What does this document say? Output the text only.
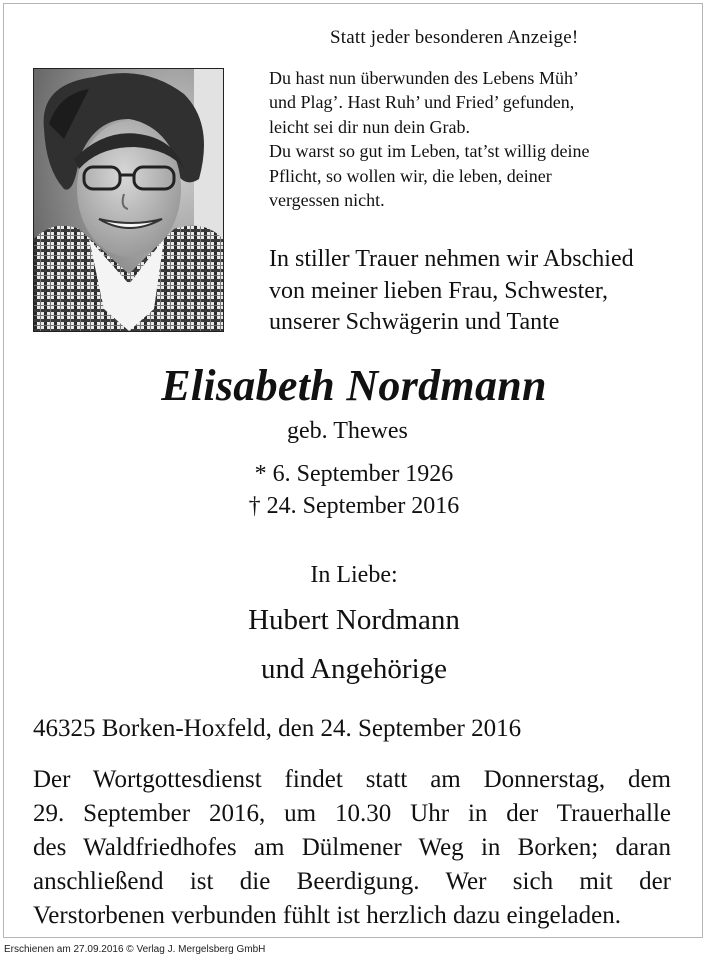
Statt jeder besonderen Anzeige!

Du hast nun überwunden des Lebens Müh’
und Plag’. Hast Ruh’ und Fried’ gefunden,
leicht sei dir nun dein Grab.
Du warst so gut im Leben, tat’st willig deine
Pflicht, so wollen wir, die leben, deiner
vergessen nicht.
In stiller Trauer nehmen wir Abschied
von meiner lieben Frau, Schwester,
unserer Schwägerin und Tante
Elisabeth Nordmann

geb. Thewes

* 6. September 1926

† 24. September 2016

In Liebe:

Hubert Nordmann

und Angehörige

46325 Borken-Hoxfeld, den 24. September 2016

Der Wortgottesdienst findet statt am Donnerstag, dem
29. September 2016, um 10.30 Uhr in der Trauerhalle
des Waldfriedhofes am Dülmener Weg in Borken; daran
anschließend ist die Beerdigung. Wer sich mit der
Verstorbenen verbunden fühlt ist herzlich dazu eingeladen.
Erschienen am 27.09.2016 © Verlag J. Mergelsberg GmbH
